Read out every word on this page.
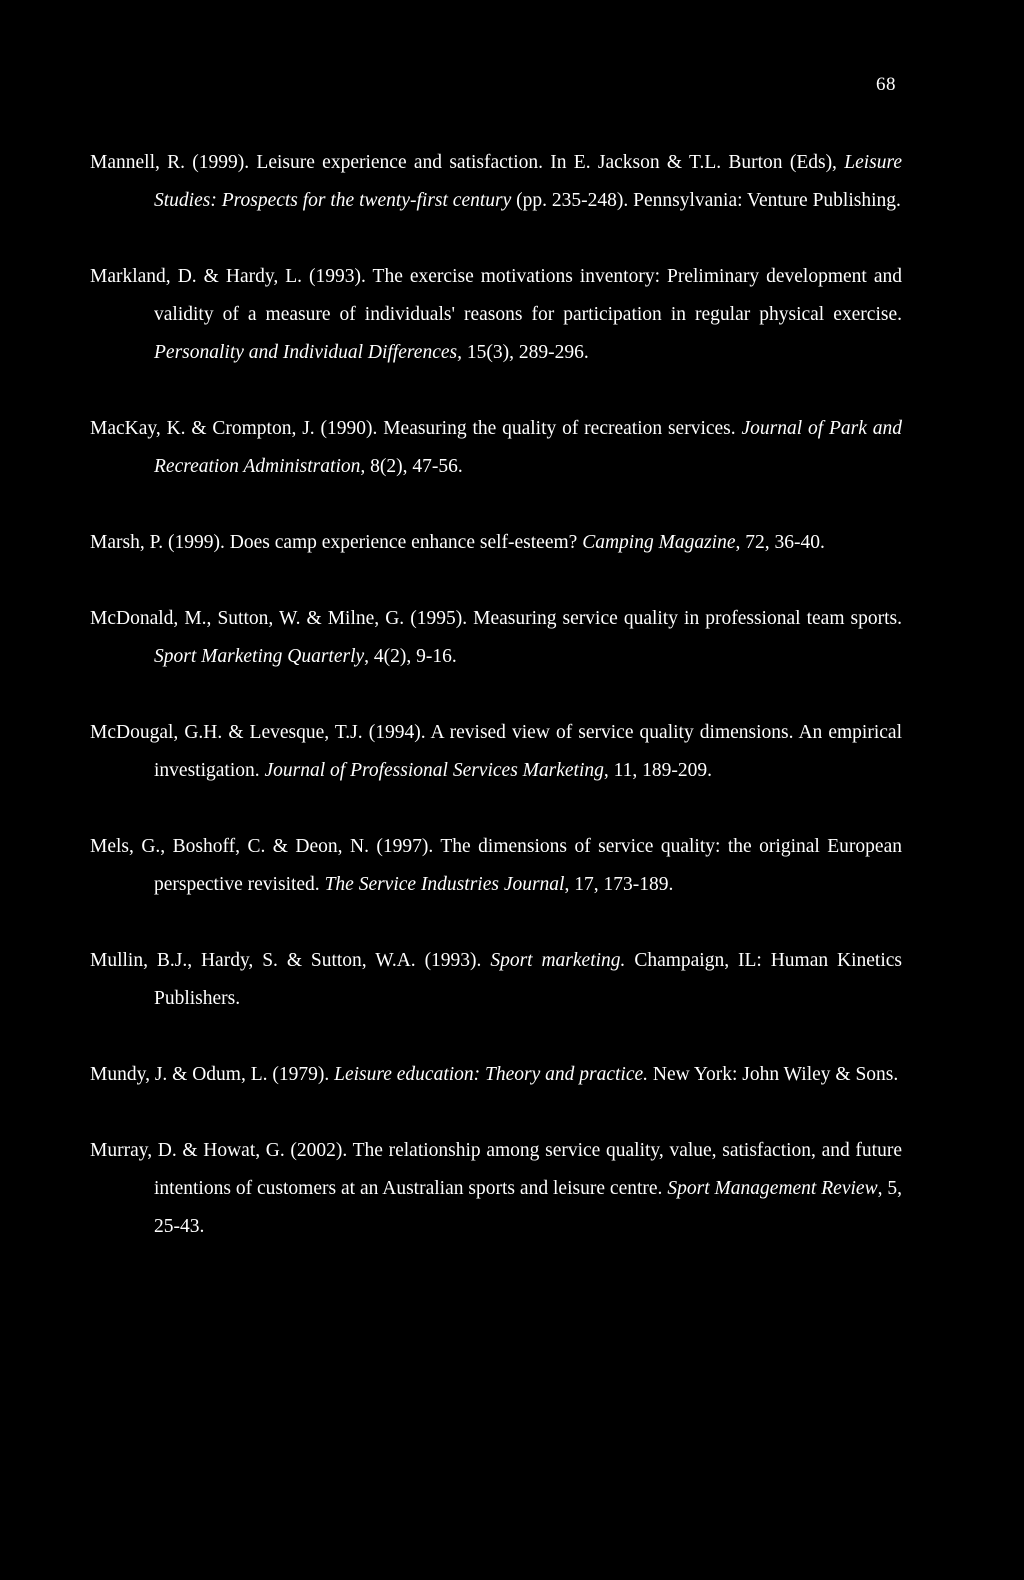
68

Mannell, R. (1999). Leisure experience and satisfaction. In E. Jackson & T.L. Burton (Eds), Leisure Studies: Prospects for the twenty-first century (pp. 235-248). Pennsylvania: Venture Publishing.

Markland, D. & Hardy, L. (1993). The exercise motivations inventory: Preliminary development and validity of a measure of individuals' reasons for participation in regular physical exercise. Personality and Individual Differences, 15(3), 289-296.

MacKay, K. & Crompton, J. (1990). Measuring the quality of recreation services. Journal of Park and Recreation Administration, 8(2), 47-56.

Marsh, P. (1999). Does camp experience enhance self-esteem? Camping Magazine, 72, 36-40.

McDonald, M., Sutton, W. & Milne, G. (1995). Measuring service quality in professional team sports. Sport Marketing Quarterly, 4(2), 9-16.

McDougal, G.H. & Levesque, T.J. (1994). A revised view of service quality dimensions. An empirical investigation. Journal of Professional Services Marketing, 11, 189-209.

Mels, G., Boshoff, C. & Deon, N. (1997). The dimensions of service quality: the original European perspective revisited. The Service Industries Journal, 17, 173-189.

Mullin, B.J., Hardy, S. & Sutton, W.A. (1993). Sport marketing. Champaign, IL: Human Kinetics Publishers.

Mundy, J. & Odum, L. (1979). Leisure education: Theory and practice. New York: John Wiley & Sons.

Murray, D. & Howat, G. (2002). The relationship among service quality, value, satisfaction, and future intentions of customers at an Australian sports and leisure centre. Sport Management Review, 5, 25-43.
